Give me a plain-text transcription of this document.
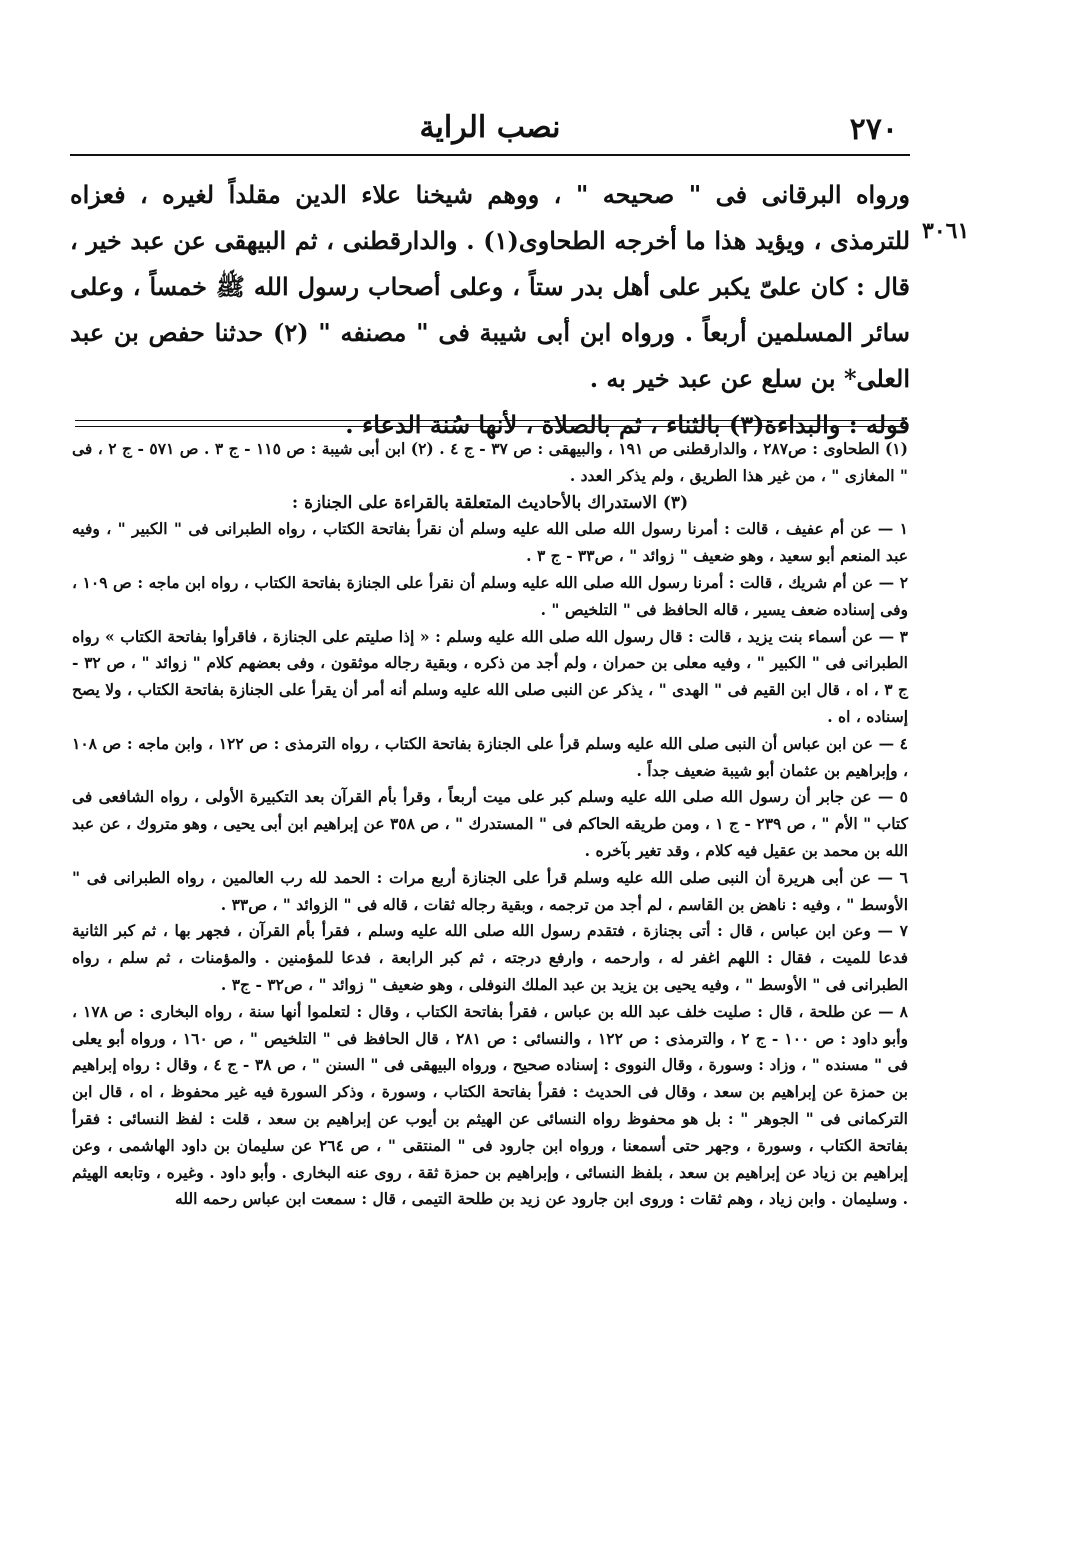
٢٧٠
نصب الراية
٣٠٦١

ورواه البرقانى فى " صحيحه " ، ووهم شيخنا علاء الدين مقلداً لغيره ، فعزاه للترمذى ، ويؤيد هذا ما أخرجه الطحاوى(١) . والدارقطنى ، ثم البيهقى عن عبد خير ، قال : كان علىّ يكبر على أهل بدر ستاً ، وعلى أصحاب رسول الله ﷺ خمساً ، وعلى سائر المسلمين أربعاً . ورواه ابن أبى شيبة فى " مصنفه " (٢) حدثنا حفص بن عبد العلى* بن سلع عن عبد خير به .

قوله : والبداءة(٣) بالثناء ، ثم بالصلاة ، لأنها سُنة الدعاء .

(١) الطحاوى : ص٢٨٧ ، والدارقطنى ص ١٩١ ، والبيهقى : ص ٣٧ - ج ٤ . (٢) ابن أبى شيبة : ص ١١٥ - ج ٣ . ص ٥٧١ - ج ٢ ، فى " المغازى " ، من غير هذا الطريق ، ولم يذكر العدد .

(٣) الاستدراك بالأحاديث المتعلقة بالقراءة على الجنازة :

١ — عن أم عفيف ، قالت : أمرنا رسول الله صلى الله عليه وسلم أن نقرأ بفاتحة الكتاب ، رواه الطبرانى فى " الكبير " ، وفيه عبد المنعم أبو سعيد ، وهو ضعيف " زوائد " ، ص٣٣ - ج ٣ .

٢ — عن أم شريك ، قالت : أمرنا رسول الله صلى الله عليه وسلم أن نقرأ على الجنازة بفاتحة الكتاب ، رواه ابن ماجه : ص ١٠٩ ، وفى إسناده ضعف يسير ، قاله الحافظ فى " التلخيص " .

٣ — عن أسماء بنت يزيد ، قالت : قال رسول الله صلى الله عليه وسلم : « إذا صليتم على الجنازة ، فاقرأوا بفاتحة الكتاب » رواه الطبرانى فى " الكبير " ، وفيه معلى بن حمران ، ولم أجد من ذكره ، وبقية رجاله موثقون ، وفى بعضهم كلام " زوائد " ، ص ٣٢ - ج ٣ ، اه ، قال ابن القيم فى " الهدى " ، يذكر عن النبى صلى الله عليه وسلم أنه أمر أن يقرأ على الجنازة بفاتحة الكتاب ، ولا يصح إسناده ، اه .

٤ — عن ابن عباس أن النبى صلى الله عليه وسلم قرأ على الجنازة بفاتحة الكتاب ، رواه الترمذى : ص ١٢٢ ، وابن ماجه : ص ١٠٨ ، وإبراهيم بن عثمان أبو شيبة ضعيف جداً .

٥ — عن جابر أن رسول الله صلى الله عليه وسلم كبر على ميت أربعاً ، وقرأ بأم القرآن بعد التكبيرة الأولى ، رواه الشافعى فى كتاب " الأم " ، ص ٢٣٩ - ج ١ ، ومن طريقه الحاكم فى " المستدرك " ، ص ٣٥٨ عن إبراهيم ابن أبى يحيى ، وهو متروك ، عن عبد الله بن محمد بن عقيل فيه كلام ، وقد تغير بآخره .

٦ — عن أبى هريرة أن النبى صلى الله عليه وسلم قرأ على الجنازة أربع مرات : الحمد لله رب العالمين ، رواه الطبرانى فى " الأوسط " ، وفيه : ناهض بن القاسم ، لم أجد من ترجمه ، وبقية رجاله ثقات ، قاله فى " الزوائد " ، ص٣٣ .

٧ — وعن ابن عباس ، قال : أتى بجنازة ، فتقدم رسول الله صلى الله عليه وسلم ، فقرأ بأم القرآن ، فجهر بها ، ثم كبر الثانية فدعا للميت ، فقال : اللهم اغفر له ، وارحمه ، وارفع درجته ، ثم كبر الرابعة ، فدعا للمؤمنين . والمؤمنات ، ثم سلم ، رواه الطبرانى فى " الأوسط " ، وفيه يحيى بن يزيد بن عبد الملك النوفلى ، وهو ضعيف " زوائد " ، ص٣٢ - ج٣ .

٨ — عن طلحة ، قال : صليت خلف عبد الله بن عباس ، فقرأ بفاتحة الكتاب ، وقال : لتعلموا أنها سنة ، رواه البخارى : ص ١٧٨ ، وأبو داود : ص ١٠٠ - ج ٢ ، والترمذى : ص ١٢٢ ، والنسائى : ص ٢٨١ ، قال الحافظ فى " التلخيص " ، ص ١٦٠ ، ورواه أبو يعلى فى " مسنده " ، وزاد : وسورة ، وقال النووى : إسناده صحيح ، ورواه البيهقى فى " السنن " ، ص ٣٨ - ج ٤ ، وقال : رواه إبراهيم بن حمزة عن إبراهيم بن سعد ، وقال فى الحديث : فقرأ بفاتحة الكتاب ، وسورة ، وذكر السورة فيه غير محفوظ ، اه ، قال ابن التركمانى فى " الجوهر " : بل هو محفوظ رواه النسائى عن الهيثم بن أيوب عن إبراهيم بن سعد ، قلت : لفظ النسائى : فقرأ بفاتحة الكتاب ، وسورة ، وجهر حتى أسمعنا ، ورواه ابن جارود فى " المنتقى " ، ص ٢٦٤ عن سليمان بن داود الهاشمى ، وعن إبراهيم بن زياد عن إبراهيم بن سعد ، بلفظ النسائى ، وإبراهيم بن حمزة ثقة ، روى عنه البخارى . وأبو داود . وغيره ، وتابعه الهيثم . وسليمان . وابن زياد ، وهم ثقات : وروى ابن جارود عن زيد بن طلحة التيمى ، قال : سمعت ابن عباس رحمه الله
